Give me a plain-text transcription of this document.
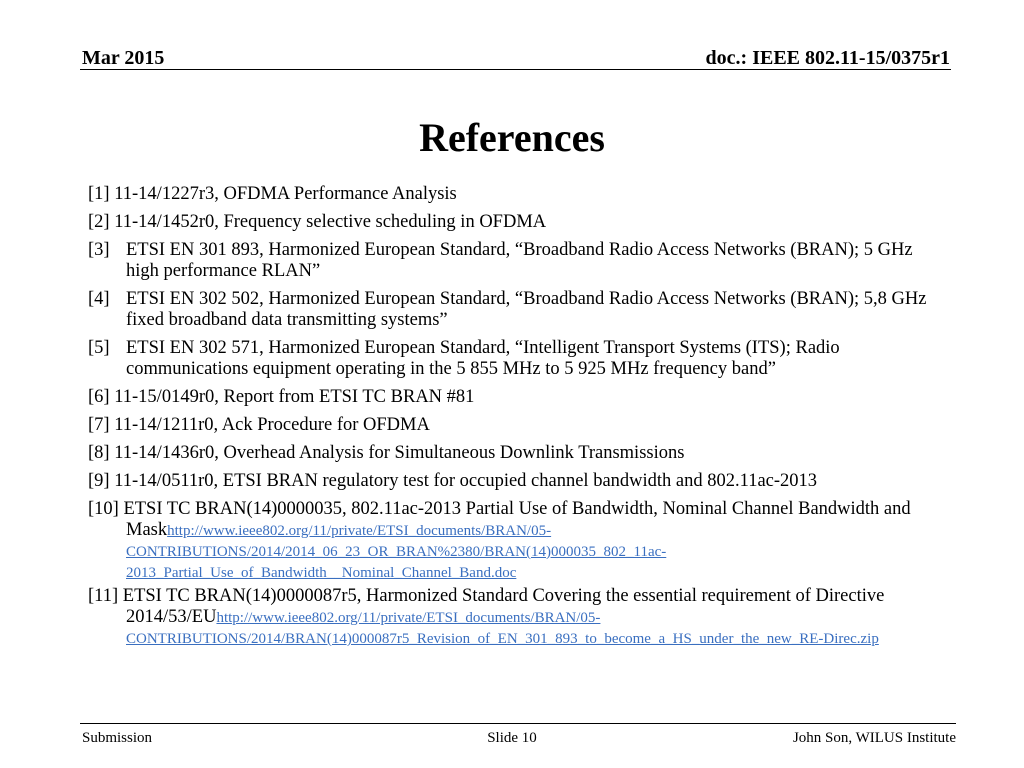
Mar 2015	doc.: IEEE 802.11-15/0375r1
References
[1] 11-14/1227r3, OFDMA Performance Analysis
[2] 11-14/1452r0, Frequency selective scheduling in OFDMA
[3] ETSI EN 301 893, Harmonized European Standard, “Broadband Radio Access Networks (BRAN); 5 GHz high performance RLAN”
[4] ETSI EN 302 502, Harmonized European Standard, “Broadband Radio Access Networks (BRAN); 5,8 GHz fixed broadband data transmitting systems”
[5] ETSI EN 302 571, Harmonized European Standard, “Intelligent Transport Systems (ITS); Radio communications equipment operating in the 5 855 MHz to 5 925 MHz frequency band”
[6] 11-15/0149r0, Report from ETSI TC BRAN #81
[7] 11-14/1211r0, Ack Procedure for OFDMA
[8] 11-14/1436r0, Overhead Analysis for Simultaneous Downlink Transmissions
[9] 11-14/0511r0, ETSI BRAN regulatory test for occupied channel bandwidth and 802.11ac-2013
[10] ETSI TC BRAN(14)0000035, 802.11ac-2013 Partial Use of Bandwidth, Nominal Channel Bandwidth and Maskhttp://www.ieee802.org/11/private/ETSI_documents/BRAN/05-CONTRIBUTIONS/2014/2014_06_23_OR_BRAN%2380/BRAN(14)000035_802_11ac-2013_Partial_Use_of_Bandwidth__Nominal_Channel_Band.doc
[11] ETSI TC BRAN(14)0000087r5, Harmonized Standard Covering the essential requirement of Directive 2014/53/EUhttp://www.ieee802.org/11/private/ETSI_documents/BRAN/05-CONTRIBUTIONS/2014/BRAN(14)000087r5_Revision_of_EN_301_893_to_become_a_HS_under_the_new_RE-Direc.zip
Submission	Slide 10	John Son, WILUS Institute
